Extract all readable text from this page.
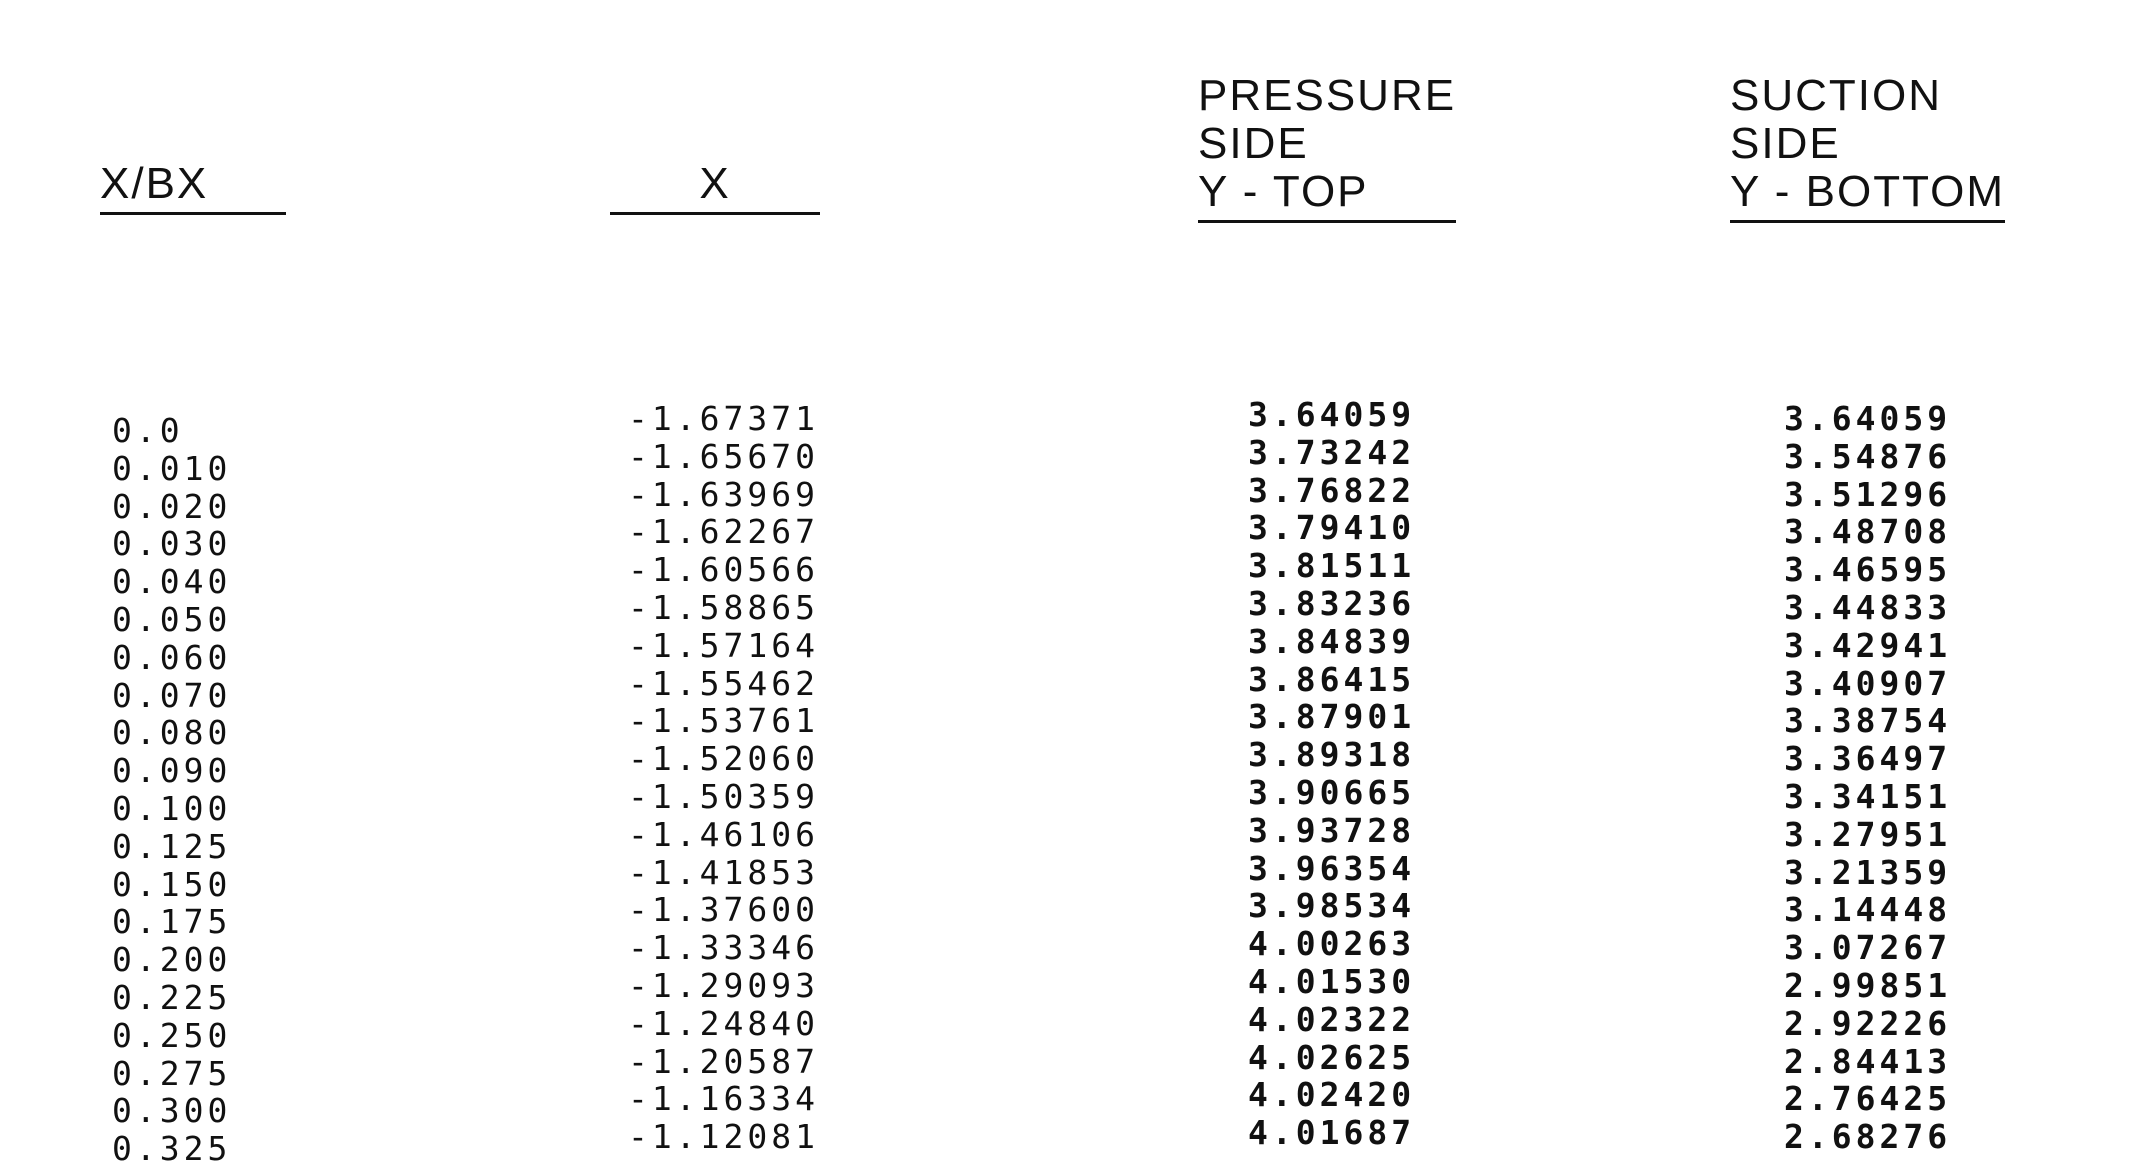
X/BX	X
PRESSURE
SIDE
Y - TOP
SUCTION
SIDE
Y - BOTTOM
0.0
0.010
0.020
0.030
0.040
0.050
0.060
0.070
0.080
0.090
0.100
0.125
0.150
0.175
0.200
0.225
0.250
0.275
0.300
0.325
-1.67371
-1.65670
-1.63969
-1.62267
-1.60566
-1.58865
-1.57164
-1.55462
-1.53761
-1.52060
-1.50359
-1.46106
-1.41853
-1.37600
-1.33346
-1.29093
-1.24840
-1.20587
-1.16334
-1.12081
3.64059
3.73242
3.76822
3.79410
3.81511
3.83236
3.84839
3.86415
3.87901
3.89318
3.90665
3.93728
3.96354
3.98534
4.00263
4.01530
4.02322
4.02625
4.02420
4.01687
3.64059
3.54876
3.51296
3.48708
3.46595
3.44833
3.42941
3.40907
3.38754
3.36497
3.34151
3.27951
3.21359
3.14448
3.07267
2.99851
2.92226
2.84413
2.76425
2.68276
